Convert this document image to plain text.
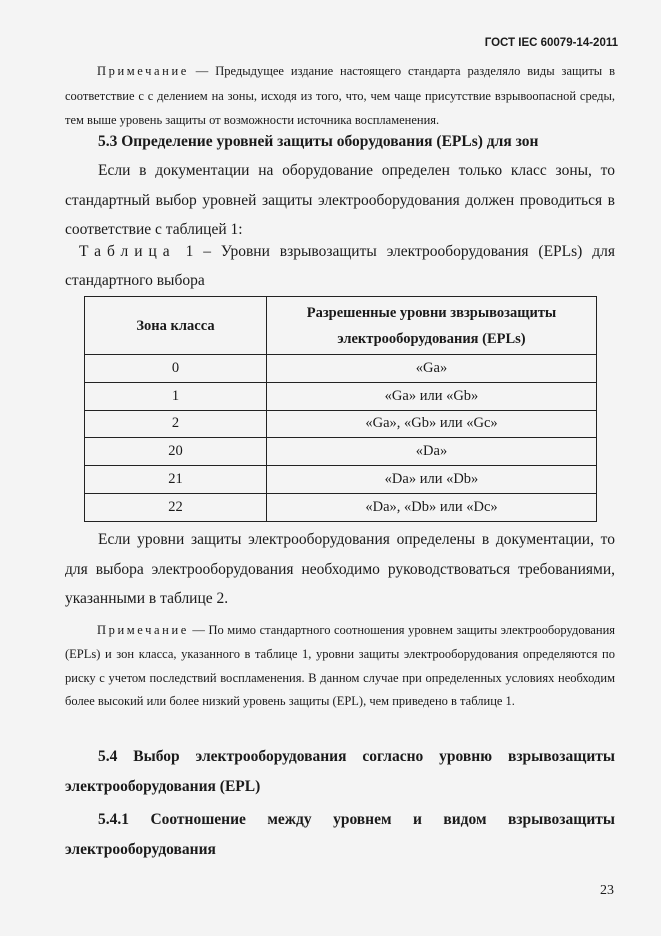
ГОСТ IEC 60079-14-2011
Примечание — Предыдущее издание настоящего стандарта разделяло виды защиты в соответствие с с делением на зоны, исходя из того, что, чем чаще присутствие взрывоопасной среды, тем выше уровень защиты от возможности источника воспламенения.
5.3 Определение уровней защиты оборудования (EPLs) для зон
Если в документации на оборудование определен только класс зоны, то стандартный выбор уровней защиты электрооборудования должен проводиться в соответствие с таблицей 1:
Таблица 1 – Уровни взрывозащиты электрооборудования (EPLs) для стандартного выбора
Зона класса	Разрешенные уровни звзрывозащиты электрооборудования (EPLs)
0	«Ga»
1	«Ga» или «Gb»
2	«Ga», «Gb» или «Gc»
20	«Da»
21	«Da» или «Db»
22	«Da», «Db» или «Dc»
Если уровни защиты электрооборудования определены в документации, то для выбора электрооборудования необходимо руководствоваться требованиями, указанными в таблице 2.
Примечание — По мимо стандартного соотношения уровнем защиты электрооборудования (EPLs) и зон класса, указанного в таблице 1, уровни защиты электрооборудования определяются по риску с учетом последствий воспламенения. В данном случае при определенных условиях необходим более высокий или более низкий уровень защиты (EPL), чем приведено в таблице 1.
5.4 Выбор электрооборудования согласно уровню взрывозащиты
электрооборудования (EPL)
5.4.1 Соотношение между уровнем и видом взрывозащиты
электрооборудования
23
